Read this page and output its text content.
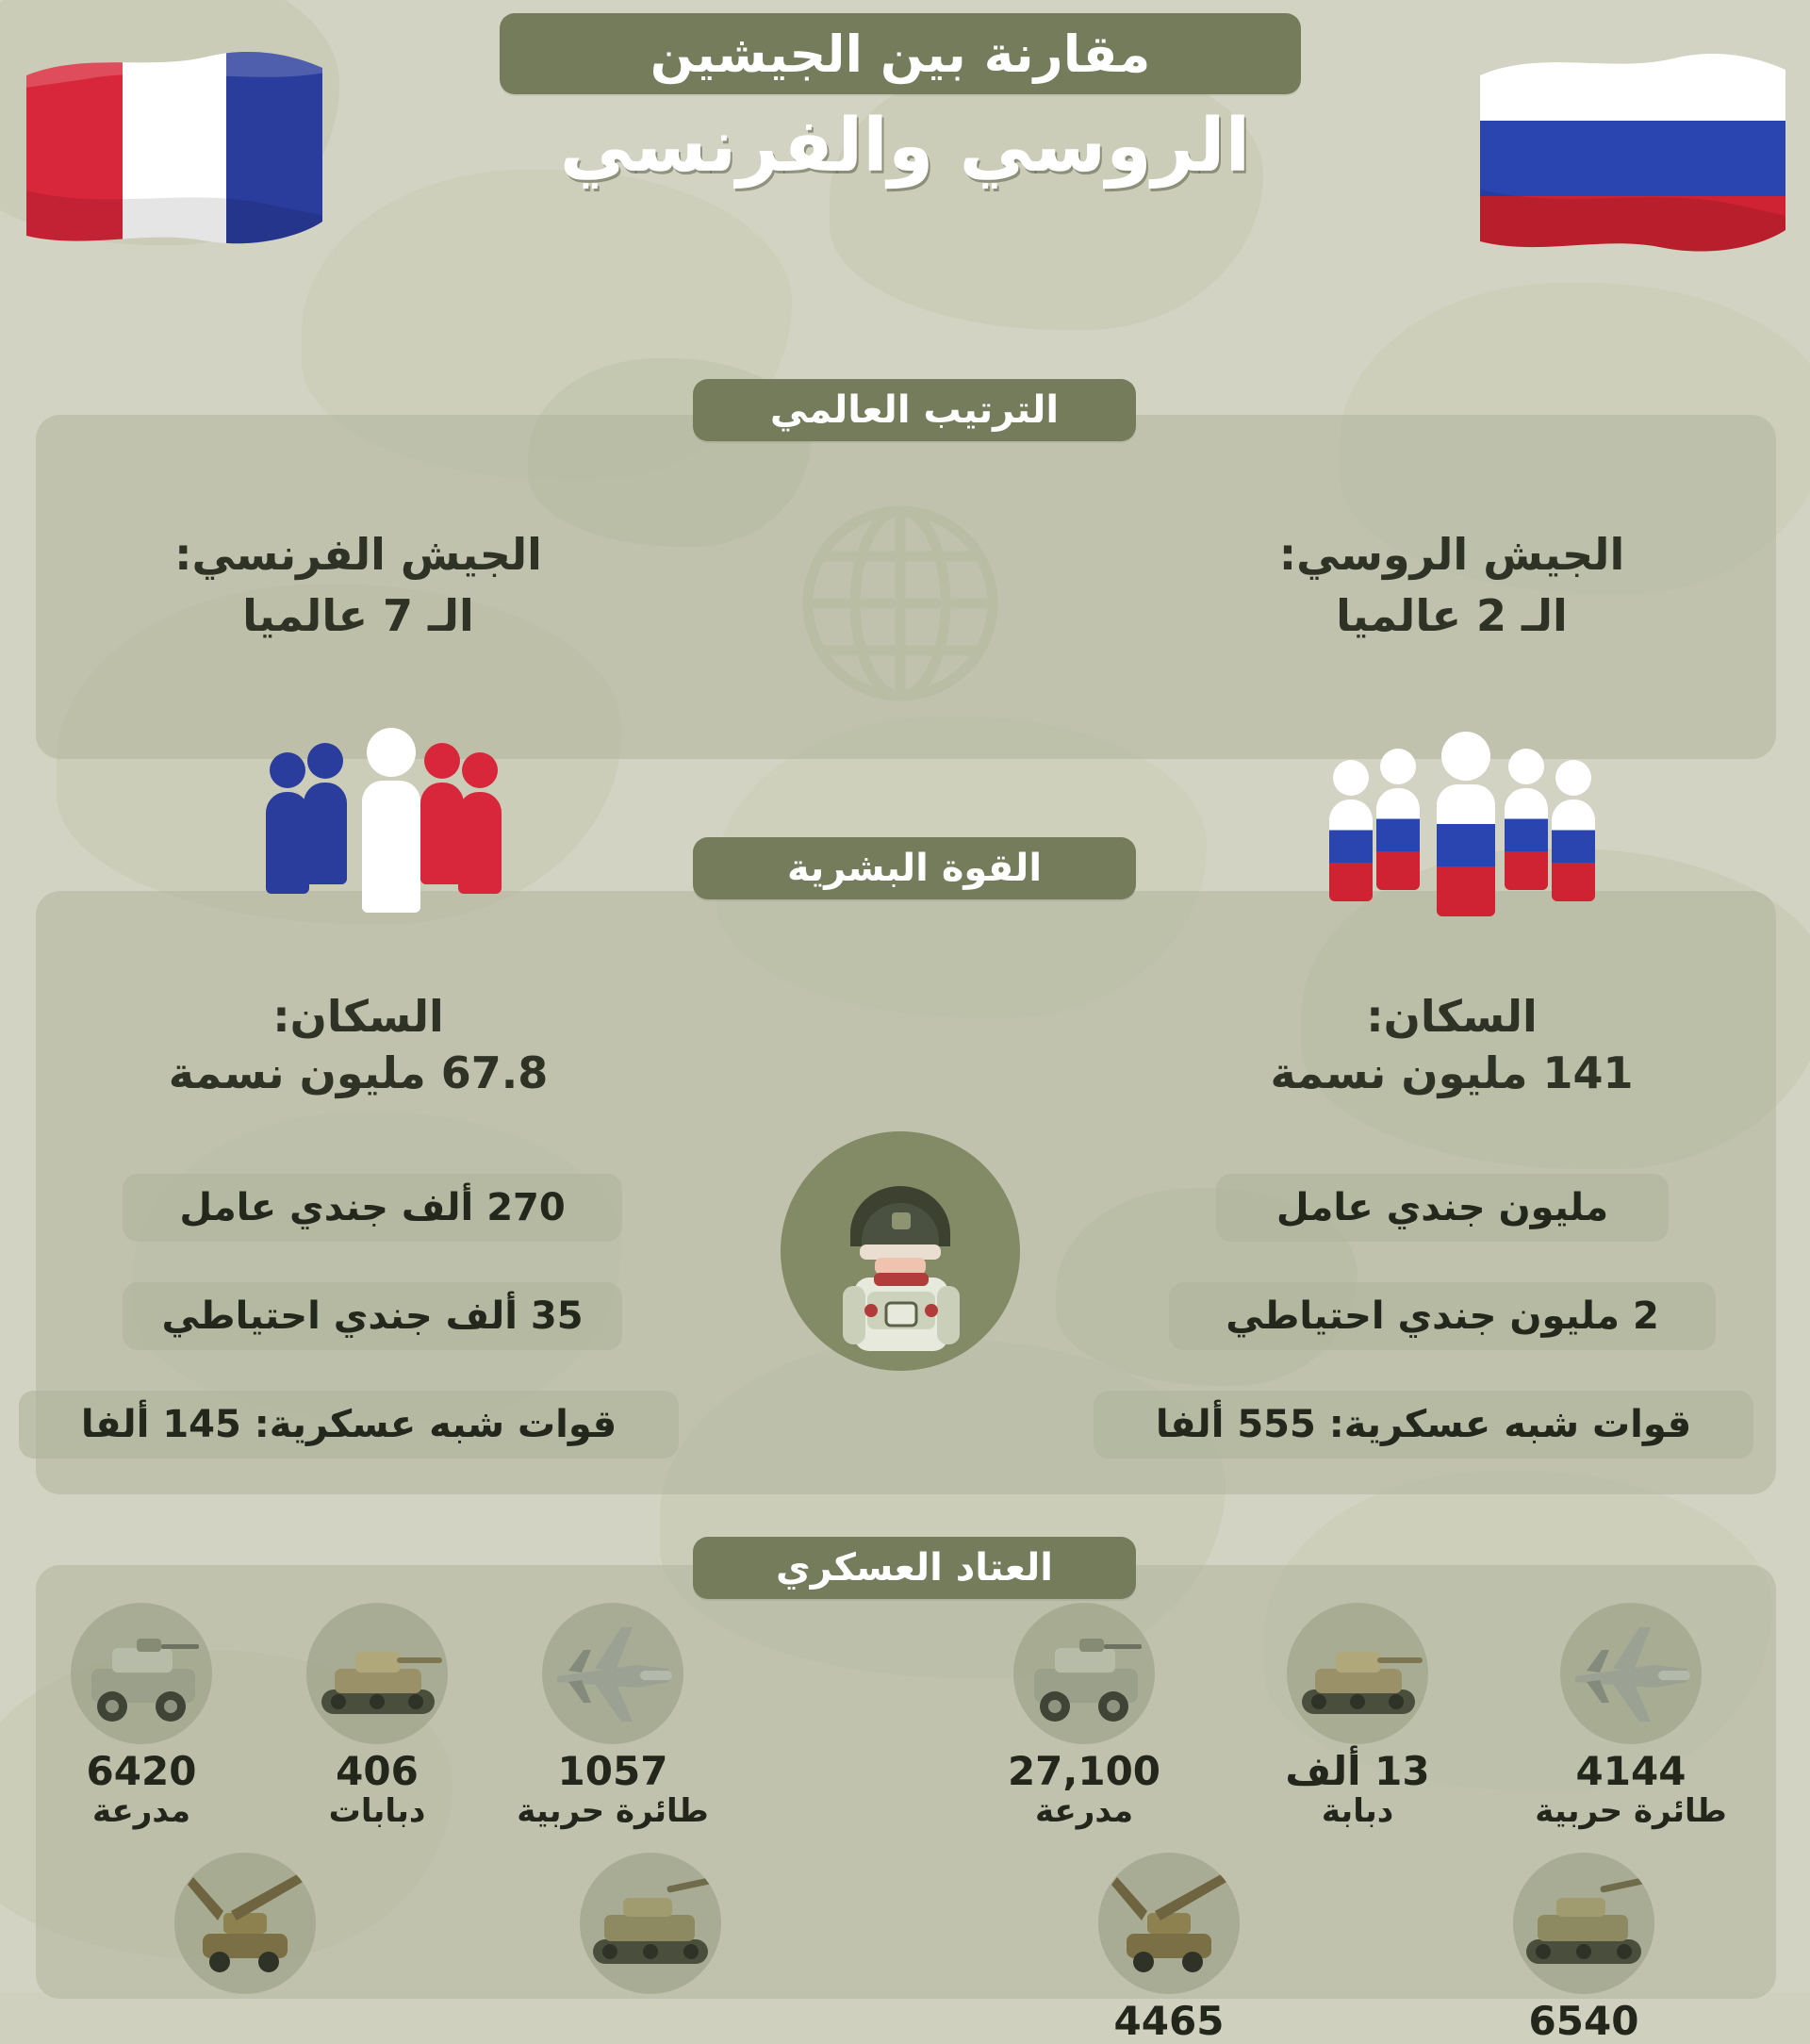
مقارنة بين الجيشين
الروسي والفرنسي
الترتيب العالمي
الجيش الفرنسي:
الـ 7 عالميا
الجيش الروسي:
الـ 2 عالميا
القوة البشرية
السكان:
67.8 مليون نسمة
270 ألف جندي عامل
35 ألف جندي احتياطي
قوات شبه عسكرية: 145 ألفا
السكان:
141 مليون نسمة
مليون جندي عامل
2 مليون جندي احتياطي
قوات شبه عسكرية: 555 ألفا
العتاد العسكري
6420
مدرعة
406
دبابات
1057
طائرة حربية
27,100
مدرعة
13 ألف
دبابة
4144
طائرة حربية
4465	6540
